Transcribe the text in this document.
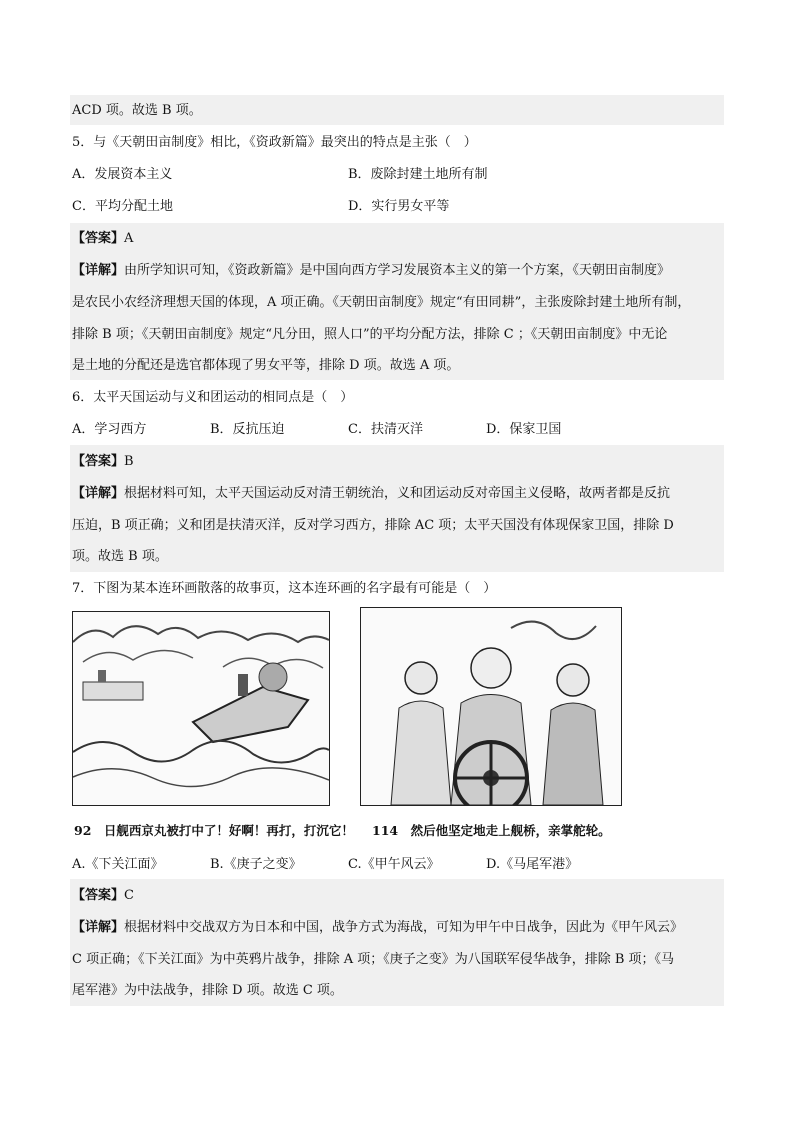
ACD 项。故选 B 项。
5．与《天朝田亩制度》相比，《资政新篇》最突出的特点是主张（　）
A．发展资本主义	B．废除封建土地所有制
C．平均分配土地	D．实行男女平等
【答案】A
【详解】由所学知识可知，《资政新篇》是中国向西方学习发展资本主义的第一个方案，《天朝田亩制度》
是农民小农经济理想天国的体现，A 项正确。《天朝田亩制度》规定“有田同耕”，主张废除封建土地所有制，
排除 B 项；《天朝田亩制度》规定“凡分田，照人口”的平均分配方法，排除 C ；《天朝田亩制度》中无论
是土地的分配还是选官都体现了男女平等，排除 D 项。故选 A 项。
6．太平天国运动与义和团运动的相同点是（　）
A．学习西方	B．反抗压迫	C．扶清灭洋	D．保家卫国
【答案】B
【详解】根据材料可知，太平天国运动反对清王朝统治，义和团运动反对帝国主义侵略，故两者都是反抗
压迫，B 项正确；义和团是扶清灭洋，反对学习西方，排除 AC 项；太平天国没有体现保家卫国，排除 D
项。故选 B 项。
7．下图为某本连环画散落的故事页，这本连环画的名字最有可能是（　）
92　日舰西京丸被打中了！好啊！再打，打沉它！ 114　然后他坚定地走上舰桥，亲掌舵轮。
A.《下关江面》	B.《庚子之变》	C.《甲午风云》	D.《马尾军港》
【答案】C
【详解】根据材料中交战双方为日本和中国，战争方式为海战，可知为甲午中日战争，因此为《甲午风云》
C 项正确；《下关江面》为中英鸦片战争，排除 A 项；《庚子之变》为八国联军侵华战争，排除 B 项；《马
尾军港》为中法战争，排除 D 项。故选 C 项。
